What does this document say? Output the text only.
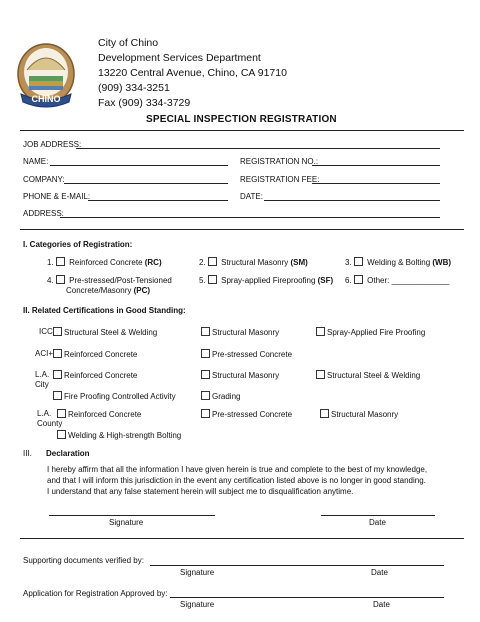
CHINO
City of Chino
Development Services Department
13220 Central Avenue, Chino, CA 91710
(909) 334-3251
Fax (909) 334-3729
SPECIAL INSPECTION REGISTRATION
JOB ADDRESS:
NAME:	REGISTRATION NO.:
COMPANY:	REGISTRATION FEE:
PHONE & E-MAIL:	DATE:
ADDRESS:
I. Categories of Registration:
1. Reinforced Concrete (RC)	2. Structural Masonry (SM)	3. Welding & Bolting (WB)
4. Pre-stressed/Post-Tensioned
Concrete/Masonry (PC)
5. Spray-applied Fireproofing (SF) 6. Other: _____________
II. Related Certifications in Good Standing:
ICC	Structural Steel & Welding	Structural Masonry	Spray-Applied Fire Proofing
ACI+	Reinforced Concrete	Pre-stressed Concrete
L.A.
City
Reinforced Concrete	Structural Masonry	Structural Steel & Welding
Fire Proofing Controlled Activity	Grading
L.A.
County
Reinforced Concrete	Pre-stressed Concrete	Structural Masonry
Welding & High-strength Bolting
III. Declaration
I hereby affirm that all the information I have given herein is true and complete to the best of my knowledge,
and that I will inform this jurisdiction in the event any certification listed above is no longer in good standing.
I understand that any false statement herein will subject me to disqualification anytime.
Signature	Date
Supporting documents verified by:
Signature	Date
Application for Registration Approved by:
Signature	Date
